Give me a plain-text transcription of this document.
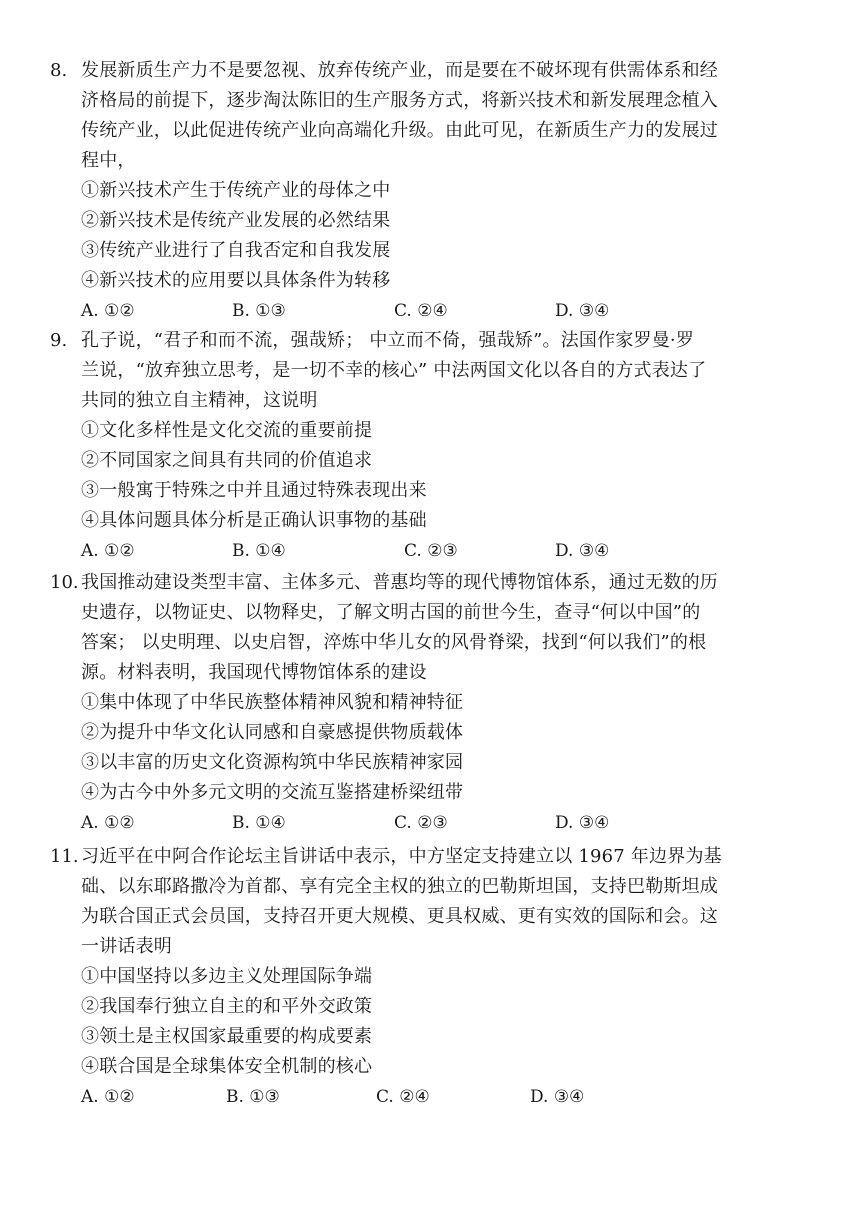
8. 发展新质生产力不是要忽视、放弃传统产业，而是要在不破坏现有供需体系和经
济格局的前提下，逐步淘汰陈旧的生产服务方式，将新兴技术和新发展理念植入
传统产业，以此促进传统产业向高端化升级。由此可见，在新质生产力的发展过
程中，
①新兴技术产生于传统产业的母体之中
②新兴技术是传统产业发展的必然结果
③传统产业进行了自我否定和自我发展
④新兴技术的应用要以具体条件为转移
A. ①②	B. ①③	C. ②④	D. ③④
9. 孔子说，“君子和而不流，强哉矫； 中立而不倚，强哉矫”。法国作家罗曼·罗
兰说，“放弃独立思考，是一切不幸的核心” 中法两国文化以各自的方式表达了
共同的独立自主精神，这说明
①文化多样性是文化交流的重要前提
②不同国家之间具有共同的价值追求
③一般寓于特殊之中并且通过特殊表现出来
④具体问题具体分析是正确认识事物的基础
A. ①②	B. ①④	C. ②③	D. ③④
10. 我国推动建设类型丰富、主体多元、普惠均等的现代博物馆体系，通过无数的历
史遗存，以物证史、以物释史，了解文明古国的前世今生，查寻“何以中国”的
答案； 以史明理、以史启智，淬炼中华儿女的风骨脊梁，找到“何以我们”的根
源。材料表明，我国现代博物馆体系的建设
①集中体现了中华民族整体精神风貌和精神特征
②为提升中华文化认同感和自豪感提供物质载体
③以丰富的历史文化资源构筑中华民族精神家园
④为古今中外多元文明的交流互鉴搭建桥梁纽带
A. ①②	B. ①④	C. ②③	D. ③④
11. 习近平在中阿合作论坛主旨讲话中表示，中方坚定支持建立以 1967 年边界为基
础、以东耶路撒冷为首都、享有完全主权的独立的巴勒斯坦国，支持巴勒斯坦成
为联合国正式会员国，支持召开更大规模、更具权威、更有实效的国际和会。这
一讲话表明
①中国坚持以多边主义处理国际争端
②我国奉行独立自主的和平外交政策
③领土是主权国家最重要的构成要素
④联合国是全球集体安全机制的核心
A. ①②	B. ①③	C. ②④	D. ③④
